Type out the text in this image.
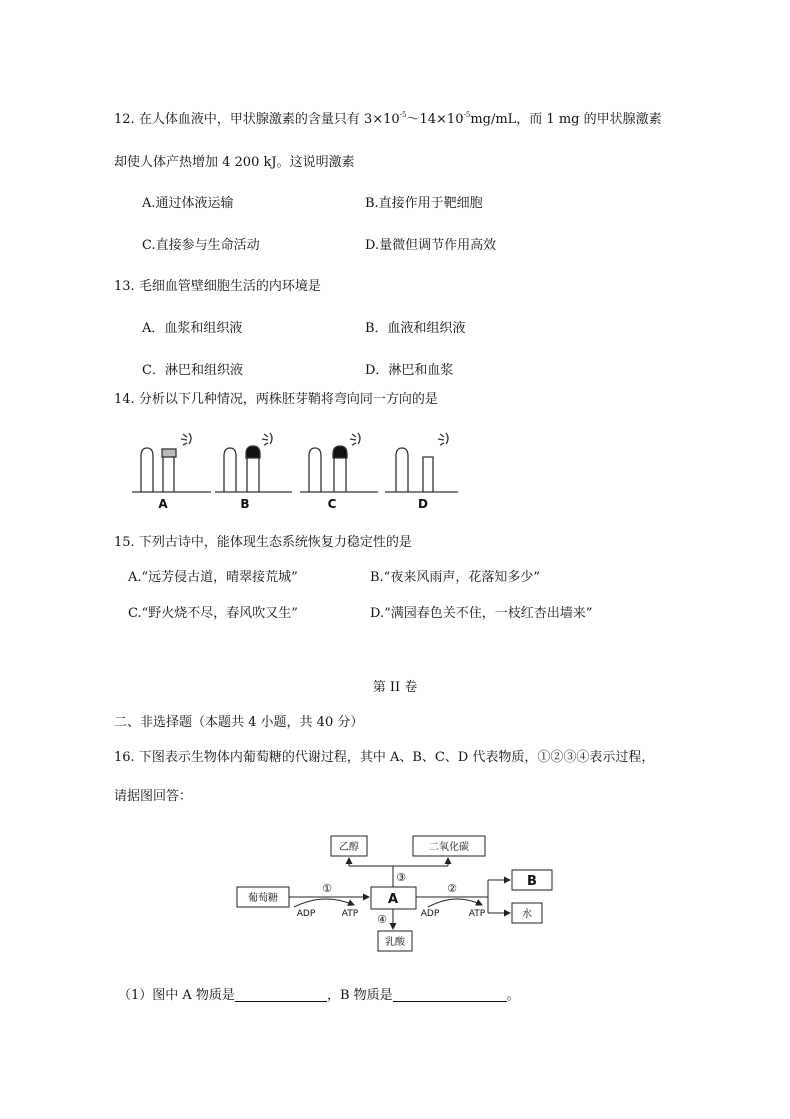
12. 在人体血液中，甲状腺激素的含量只有 $3\times 10^{-5}\sim 14\times 10^{-5}mg/mL$，而 1 mg 的甲状腺激素
却使人体产热增加 4 200 kJ。这说明激素
A.通过体液运输	B.直接作用于靶细胞
C.直接参与生命活动	D.量微但调节作用高效
13. 毛细血管壁细胞生活的内环境是
A．血浆和组织液	B．血液和组织液
C．淋巴和组织液	D．淋巴和血浆
14. 分析以下几种情况，两株胚芽鞘将弯向同一方向的是
A	B	C	D
15. 下列古诗中，能体现生态系统恢复力稳定性的是
A.“远芳侵古道，晴翠接荒城”	B.“夜来风雨声，花落知多少”
C.“野火烧不尽，春风吹又生”	D.“满园春色关不住，一枝红杏出墙来”
第 II 卷
二、非选择题（本题共 4 小题，共 40 分）
16. 下图表示生物体内葡萄糖的代谢过程，其中 A、B、C、D 代表物质，①②③④表示过程，
请据图回答：
乙醇	二氧化碳
葡萄糖	A
B
水
乳酸
①	②
③
④
ADP	ATP	ADP	ATP
（1）图中 A 物质是	，B 物质是	。
